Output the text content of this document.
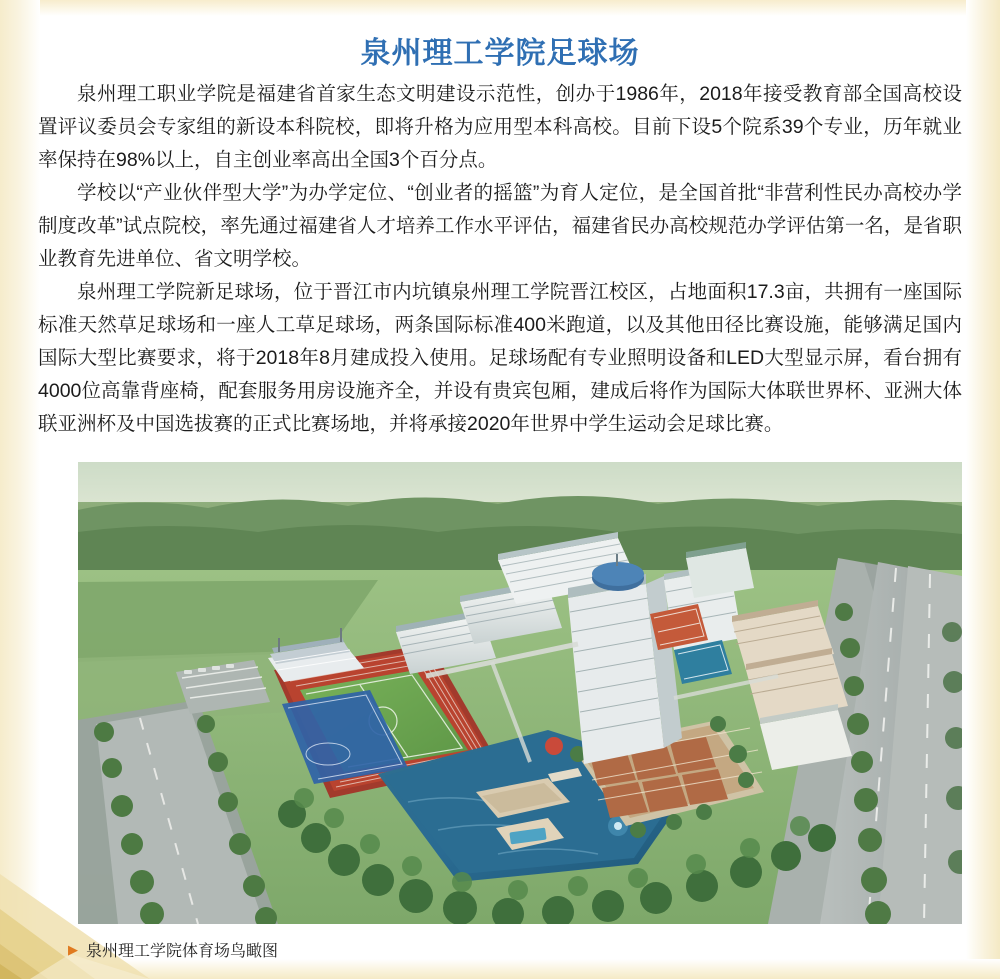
泉州理工学院足球场

泉州理工职业学院是福建省首家生态文明建设示范性，创办于1986年，2018年接受教育部全国高校设置评议委员会专家组的新设本科院校，即将升格为应用型本科高校。目前下设5个院系39个专业，历年就业率保持在98%以上，自主创业率高出全国3个百分点。

学校以“产业伙伴型大学”为办学定位、“创业者的摇篮”为育人定位，是全国首批“非营利性民办高校办学制度改革”试点院校，率先通过福建省人才培养工作水平评估，福建省民办高校规范办学评估第一名，是省职业教育先进单位、省文明学校。

泉州理工学院新足球场，位于晋江市内坑镇泉州理工学院晋江校区，占地面积17.3亩，共拥有一座国际标准天然草足球场和一座人工草足球场，两条国际标准400米跑道，以及其他田径比赛设施，能够满足国内国际大型比赛要求，将于2018年8月建成投入使用。足球场配有专业照明设备和LED大型显示屏，看台拥有4000位高靠背座椅，配套服务用房设施齐全，并设有贵宾包厢，建成后将作为国际大体联世界杯、亚洲大体联亚洲杯及中国选拔赛的正式比赛场地，并将承接2020年世界中学生运动会足球比赛。

▶ 泉州理工学院体育场鸟瞰图
